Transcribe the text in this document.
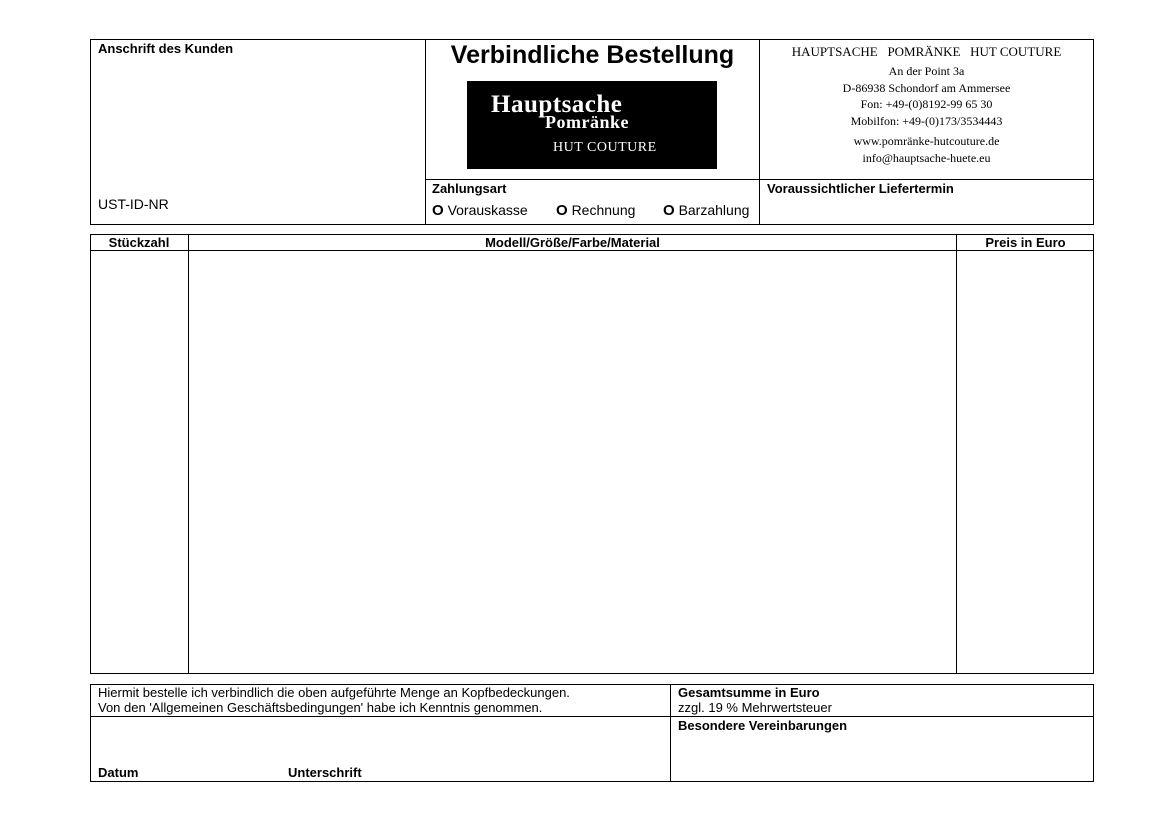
Anschrift des Kunden
UST-ID-NR
Verbindliche Bestellung
Hauptsache
Pomränke
HUT COUTURE
HAUPTSACHE   POMRÄNKE   HUT COUTURE
An der Point 3a
D-86938 Schondorf am Ammersee
Fon: +49-(0)8192-99 65 30
Mobilfon: +49-(0)173/3534443
www.pomränke-hutcouture.de
info@hauptsache-huete.eu
Zahlungsart
O Vorauskasse O Rechnung O Barzahlung
Voraussichtlicher Liefertermin
Stückzahl	Modell/Größe/Farbe/Material	Preis in Euro
Hiermit bestelle ich verbindlich die oben aufgeführte Menge an Kopfbedeckungen.
Von den 'Allgemeinen Geschäftsbedingungen' habe ich Kenntnis genommen.
Gesamtsumme in Euro
zzgl. 19 % Mehrwertsteuer
Besondere Vereinbarungen
Datum	Unterschrift
